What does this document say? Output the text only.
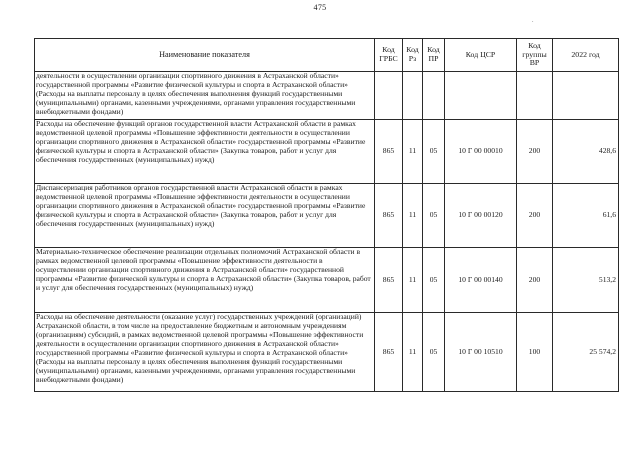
475
.
Наименование показателя	Код ГРБС	Код Рз	Код ПР	Код ЦСР	Код группы ВР	2022 год

деятельности в осуществлении организации спортивного движения в Астраханской области» государственной программы «Развитие физической культуры и спорта в Астраханской области» (Расходы на выплаты персоналу в целях обеспечения выполнения функций государственными (муниципальными) органами, казенными учреждениями, органами управления государственными внебюджетными фондами)						

Расходы на обеспечение функций органов государственной власти Астраханской области в рамках ведомственной целевой программы «Повышение эффективности деятельности в осуществлении организации спортивного движения в Астраханской области» государственной программы «Развитие физической культуры и спорта в Астраханской области» (Закупка товаров, работ и услуг для обеспечения государственных (муниципальных) нужд)	865	11	05	10 Г 00 00010	200	428,6
Диспансеризация работников органов государственной власти Астраханской области в рамках ведомственной целевой программы «Повышение эффективности деятельности в осуществлении организации спортивного движения в Астраханской области» государственной программы «Развитие физической культуры и спорта в Астраханской области» (Закупка товаров, работ и услуг для обеспечения государственных (муниципальных) нужд)	865	11	05	10 Г 00 00120	200	61,6
Материально-техническое обеспечение реализации отдельных полномочий Астраханской области в рамках ведомственной целевой программы «Повышение эффективности деятельности в осуществлении организации спортивного движения в Астраханской области» государственной программы «Развитие физической культуры и спорта в Астраханской области» (Закупка товаров, работ и услуг для обеспечения государственных (муниципальных) нужд)	865	11	05	10 Г 00 00140	200	513,2
Расходы на обеспечение деятельности (оказание услуг) государственных учреждений (организаций) Астраханской области, в том числе на предоставление бюджетным и автономным учреждениям (организациям) субсидий, в рамках ведомственной целевой программы «Повышение эффективности деятельности в осуществлении организации спортивного движения в Астраханской области» государственной программы «Развитие физической культуры и спорта в Астраханской области» (Расходы на выплаты персоналу в целях обеспечения выполнения функций государственными (муниципальными) органами, казенными учреждениями, органами управления государственными внебюджетными фондами)	865	11	05	10 Г 00 10510	100	25 574,2
